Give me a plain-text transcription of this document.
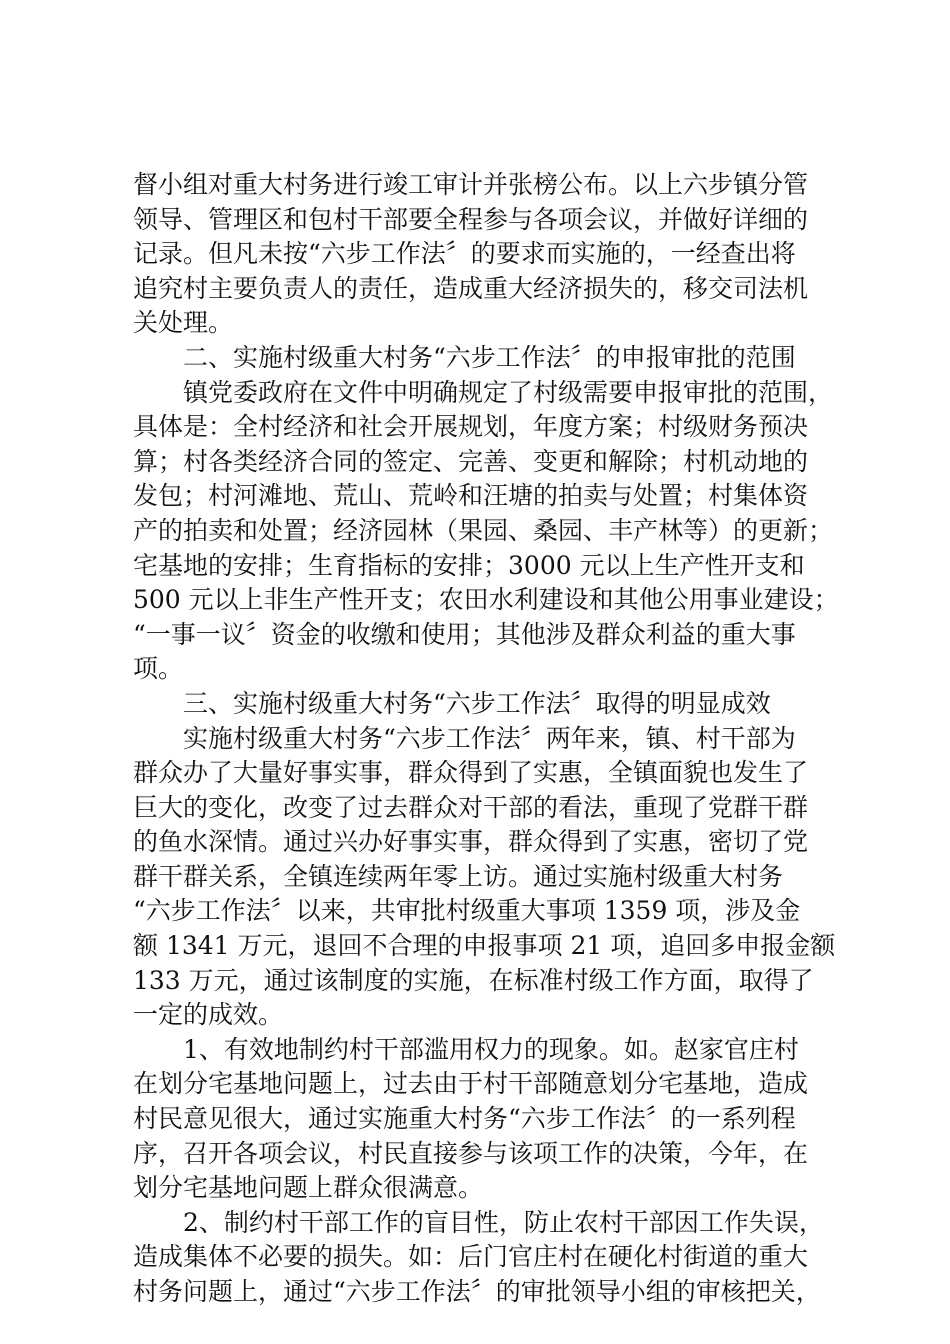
督小组对重大村务进行竣工审计并张榜公布。以上六步镇分管
领导、管理区和包村干部要全程参与各项会议，并做好详细的
记录。但凡未按“六步工作法〞的要求而实施的，一经查出将
追究村主要负责人的责任，造成重大经济损失的，移交司法机
关处理。
　　二、实施村级重大村务“六步工作法〞的申报审批的范围
　　镇党委政府在文件中明确规定了村级需要申报审批的范围，
具体是：全村经济和社会开展规划，年度方案；村级财务预决
算；村各类经济合同的签定、完善、变更和解除；村机动地的
发包；村河滩地、荒山、荒岭和汪塘的拍卖与处置；村集体资
产的拍卖和处置；经济园林（果园、桑园、丰产林等）的更新；
宅基地的安排；生育指标的安排；3000 元以上生产性开支和
500 元以上非生产性开支；农田水利建设和其他公用事业建设；
“一事一议〞资金的收缴和使用；其他涉及群众利益的重大事
项。
　　三、实施村级重大村务“六步工作法〞取得的明显成效
　　实施村级重大村务“六步工作法〞两年来，镇、村干部为
群众办了大量好事实事，群众得到了实惠，全镇面貌也发生了
巨大的变化，改变了过去群众对干部的看法，重现了党群干群
的鱼水深情。通过兴办好事实事，群众得到了实惠，密切了党
群干群关系，全镇连续两年零上访。通过实施村级重大村务
“六步工作法〞以来，共审批村级重大事项 1359 项，涉及金
额 1341 万元，退回不合理的申报事项 21 项，追回多申报金额
133 万元，通过该制度的实施，在标准村级工作方面，取得了
一定的成效。
　　1、有效地制约村干部滥用权力的现象。如。赵家官庄村
在划分宅基地问题上，过去由于村干部随意划分宅基地，造成
村民意见很大，通过实施重大村务“六步工作法〞的一系列程
序，召开各项会议，村民直接参与该项工作的决策，今年，在
划分宅基地问题上群众很满意。
　　2、制约村干部工作的盲目性，防止农村干部因工作失误，
造成集体不必要的损失。如：后门官庄村在硬化村街道的重大
村务问题上，通过“六步工作法〞的审批领导小组的审核把关，
